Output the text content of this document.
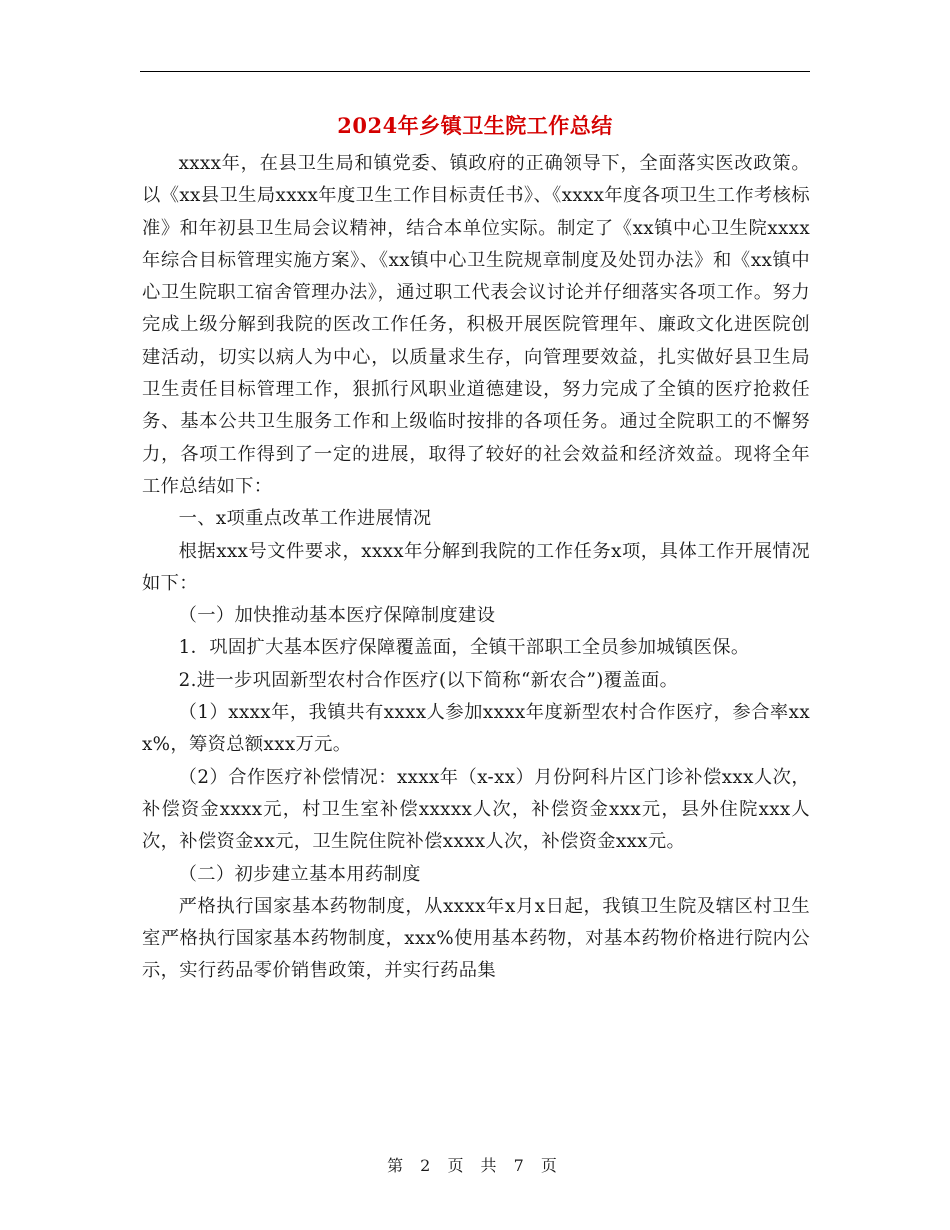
2024年乡镇卫生院工作总结

xxxx年，在县卫生局和镇党委、镇政府的正确领导下，全面落实医改政策。以《xx县卫生局xxxx年度卫生工作目标责任书》、《xxxx年度各项卫生工作考核标准》和年初县卫生局会议精神，结合本单位实际。制定了《xx镇中心卫生院xxxx年综合目标管理实施方案》、《xx镇中心卫生院规章制度及处罚办法》和《xx镇中心卫生院职工宿舍管理办法》，通过职工代表会议讨论并仔细落实各项工作。努力完成上级分解到我院的医改工作任务，积极开展医院管理年、廉政文化进医院创建活动，切实以病人为中心，以质量求生存，向管理要效益，扎实做好县卫生局卫生责任目标管理工作，狠抓行风职业道德建设，努力完成了全镇的医疗抢救任务、基本公共卫生服务工作和上级临时按排的各项任务。通过全院职工的不懈努力，各项工作得到了一定的进展，取得了较好的社会效益和经济效益。现将全年工作总结如下：

一、x项重点改革工作进展情况

根据xxx号文件要求，xxxx年分解到我院的工作任务x项，具体工作开展情况如下：

（一）加快推动基本医疗保障制度建设

1．巩固扩大基本医疗保障覆盖面，全镇干部职工全员参加城镇医保。

2.进一步巩固新型农村合作医疗(以下简称“新农合”)覆盖面。

（1）xxxx年，我镇共有xxxx人参加xxxx年度新型农村合作医疗，参合率xxx%，筹资总额xxx万元。

（2）合作医疗补偿情况：xxxx年（x-xx）月份阿科片区门诊补偿xxx人次，补偿资金xxxx元，村卫生室补偿xxxxx人次，补偿资金xxx元，县外住院xxx人次，补偿资金xx元，卫生院住院补偿xxxx人次，补偿资金xxx元。

（二）初步建立基本用药制度

严格执行国家基本药物制度，从xxxx年x月x日起，我镇卫生院及辖区村卫生室严格执行国家基本药物制度，xxx%使用基本药物，对基本药物价格进行院内公示，实行药品零价销售政策，并实行药品集

第 2 页 共 7 页
